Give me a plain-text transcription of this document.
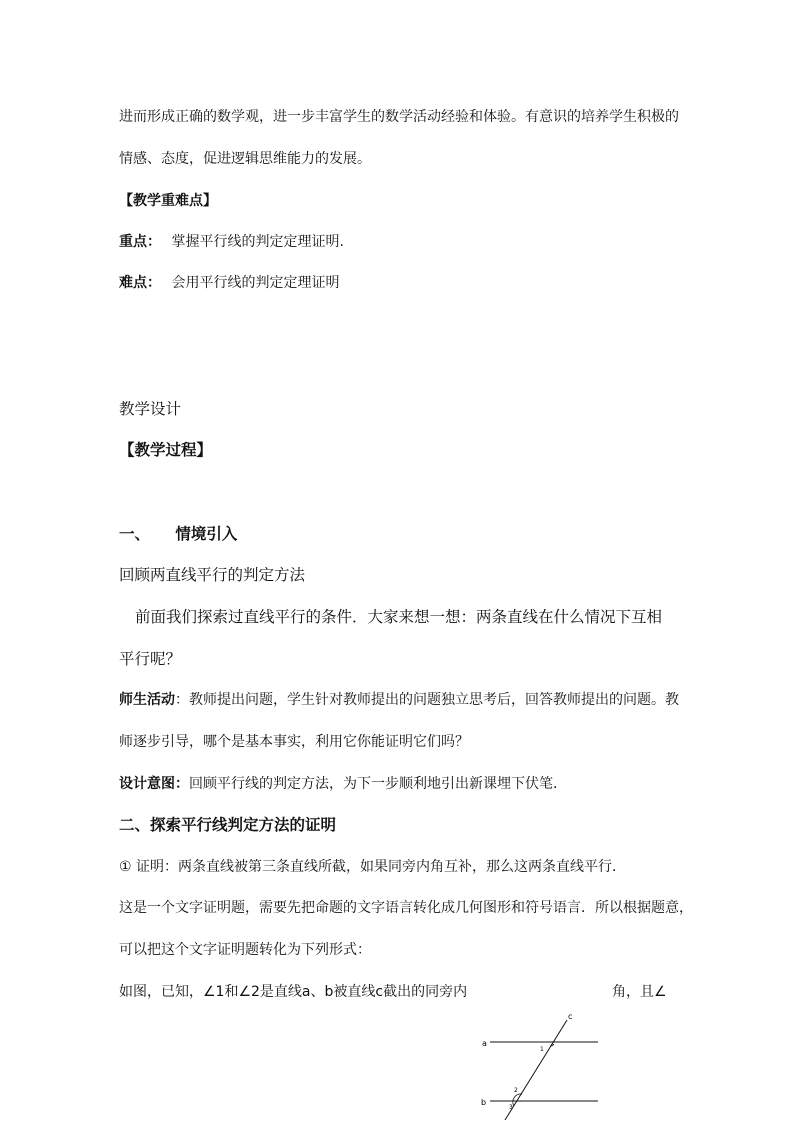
进而形成正确的数学观，进一步丰富学生的数学活动经验和体验。有意识的培养学生积极的
情感、态度，促进逻辑思维能力的发展。
【教学重难点】
重点： 掌握平行线的判定定理证明.
难点： 会用平行线的判定定理证明
教学设计
【教学过程】
一、 情境引入
回顾两直线平行的判定方法
前面我们探索过直线平行的条件．大家来想一想：两条直线在什么情况下互相
平行呢？
师生活动：教师提出问题，学生针对教师提出的问题独立思考后，回答教师提出的问题。教
师逐步引导，哪个是基本事实，利用它你能证明它们吗？
设计意图：回顾平行线的判定方法，为下一步顺利地引出新课埋下伏笔．
二、探索平行线判定方法的证明
① 证明：两条直线被第三条直线所截，如果同旁内角互补，那么这两条直线平行．
这是一个文字证明题，需要先把命题的文字语言转化成几何图形和符号语言．所以根据题意，
可以把这个文字证明题转化为下列形式：
如图，已知，∠1和∠2是直线a、b被直线c截出的同旁内	角，且∠
a
b
c
1
2
3
